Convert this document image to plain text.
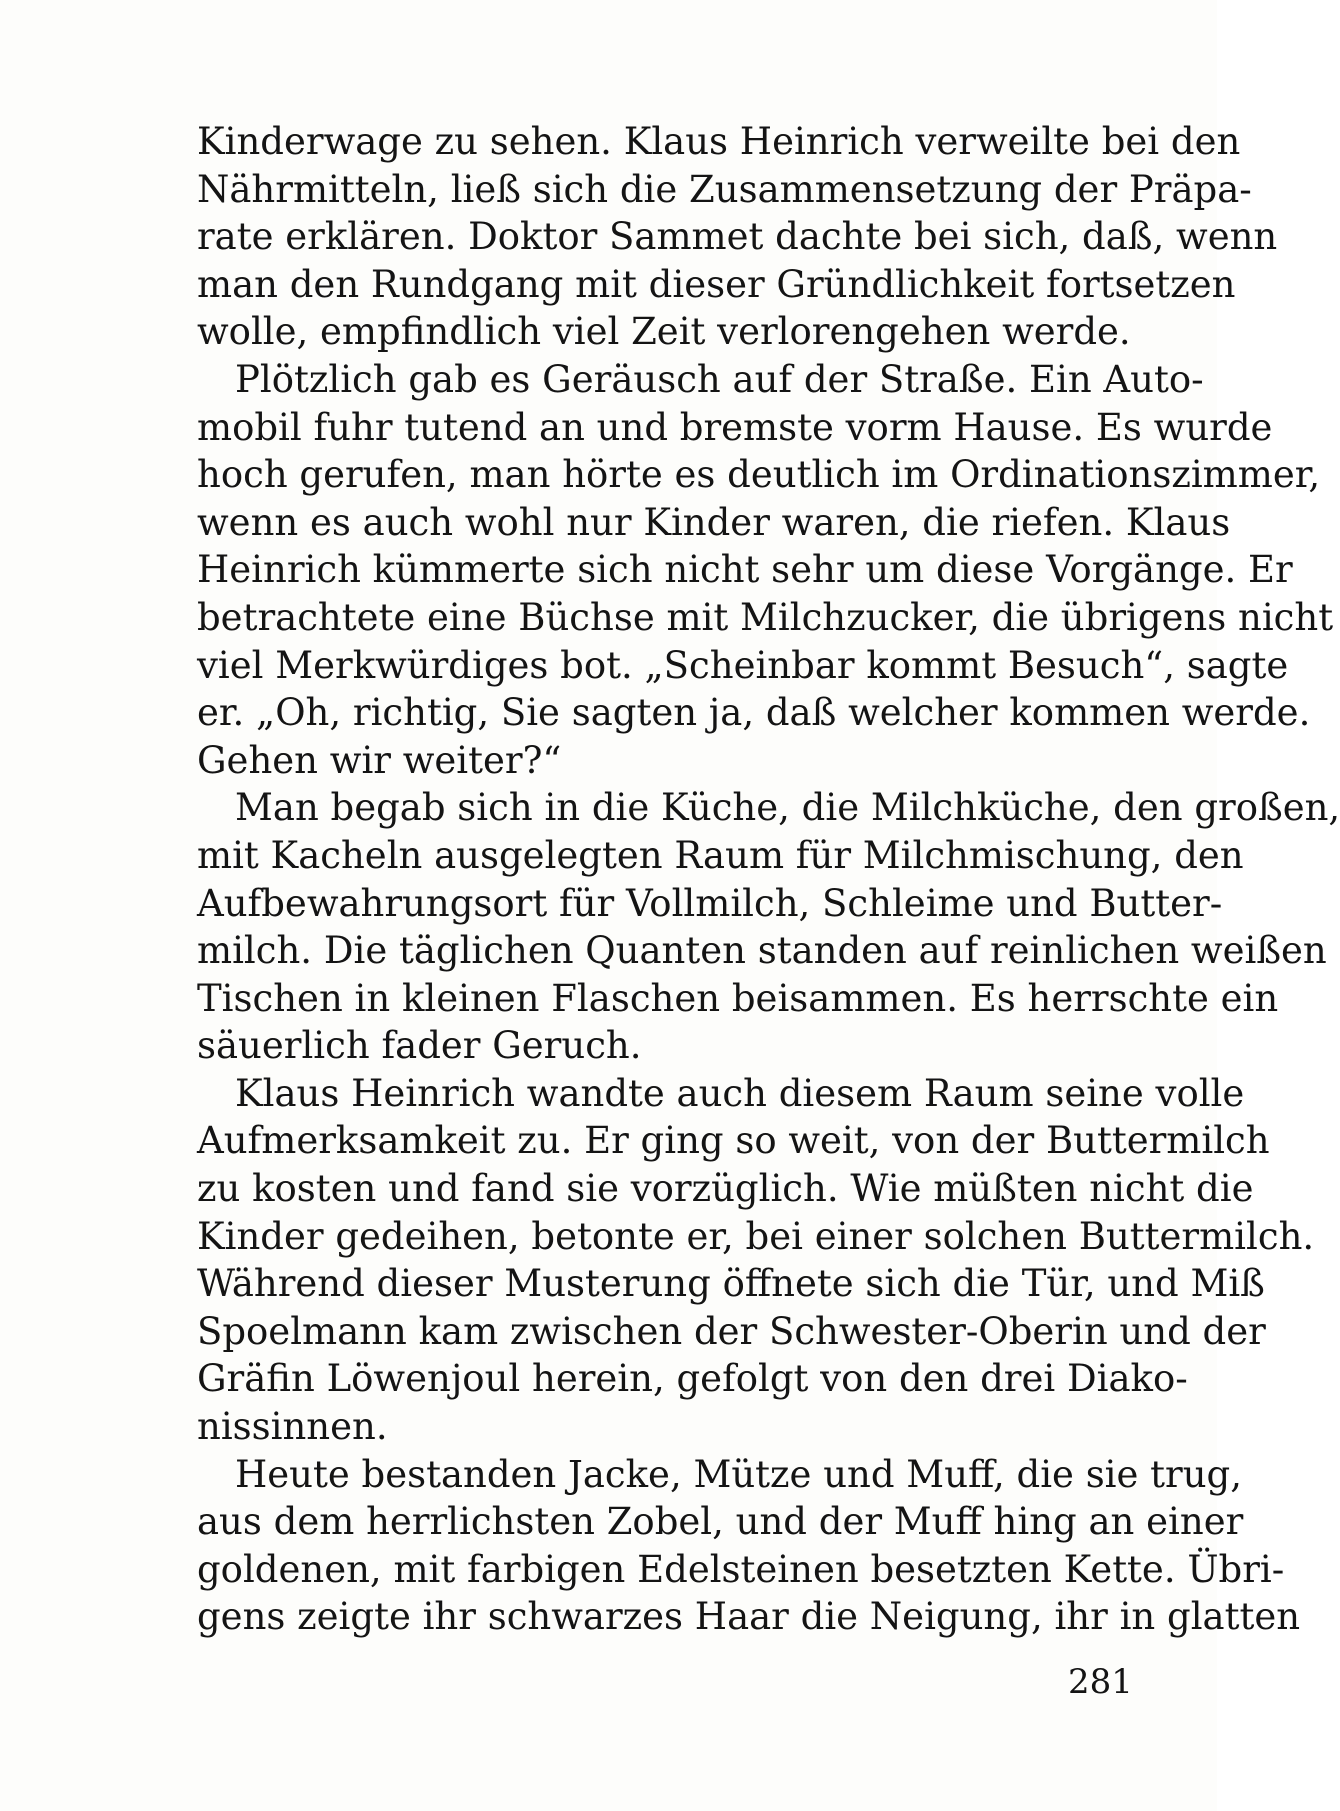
Kinderwage zu sehen. Klaus Heinrich verweilte bei den
Nährmitteln, ließ sich die Zusammensetzung der Präpa-
rate erklären. Doktor Sammet dachte bei sich, daß, wenn
man den Rundgang mit dieser Gründlichkeit fortsetzen
wolle, empfindlich viel Zeit verlorengehen werde.
Plötzlich gab es Geräusch auf der Straße. Ein Auto-
mobil fuhr tutend an und bremste vorm Hause. Es wurde
hoch gerufen, man hörte es deutlich im Ordinationszimmer,
wenn es auch wohl nur Kinder waren, die riefen. Klaus
Heinrich kümmerte sich nicht sehr um diese Vorgänge. Er
betrachtete eine Büchse mit Milchzucker, die übrigens nicht
viel Merkwürdiges bot. „Scheinbar kommt Besuch“, sagte
er. „Oh, richtig, Sie sagten ja, daß welcher kommen werde.
Gehen wir weiter?“
Man begab sich in die Küche, die Milchküche, den großen,
mit Kacheln ausgelegten Raum für Milchmischung, den
Aufbewahrungsort für Vollmilch, Schleime und Butter-
milch. Die täglichen Quanten standen auf reinlichen weißen
Tischen in kleinen Flaschen beisammen. Es herrschte ein
säuerlich fader Geruch.
Klaus Heinrich wandte auch diesem Raum seine volle
Aufmerksamkeit zu. Er ging so weit, von der Buttermilch
zu kosten und fand sie vorzüglich. Wie müßten nicht die
Kinder gedeihen, betonte er, bei einer solchen Buttermilch.
Während dieser Musterung öffnete sich die Tür, und Miß
Spoelmann kam zwischen der Schwester-Oberin und der
Gräfin Löwenjoul herein, gefolgt von den drei Diako-
nissinnen.
Heute bestanden Jacke, Mütze und Muff, die sie trug,
aus dem herrlichsten Zobel, und der Muff hing an einer
goldenen, mit farbigen Edelsteinen besetzten Kette. Übri-
gens zeigte ihr schwarzes Haar die Neigung, ihr in glatten
281
